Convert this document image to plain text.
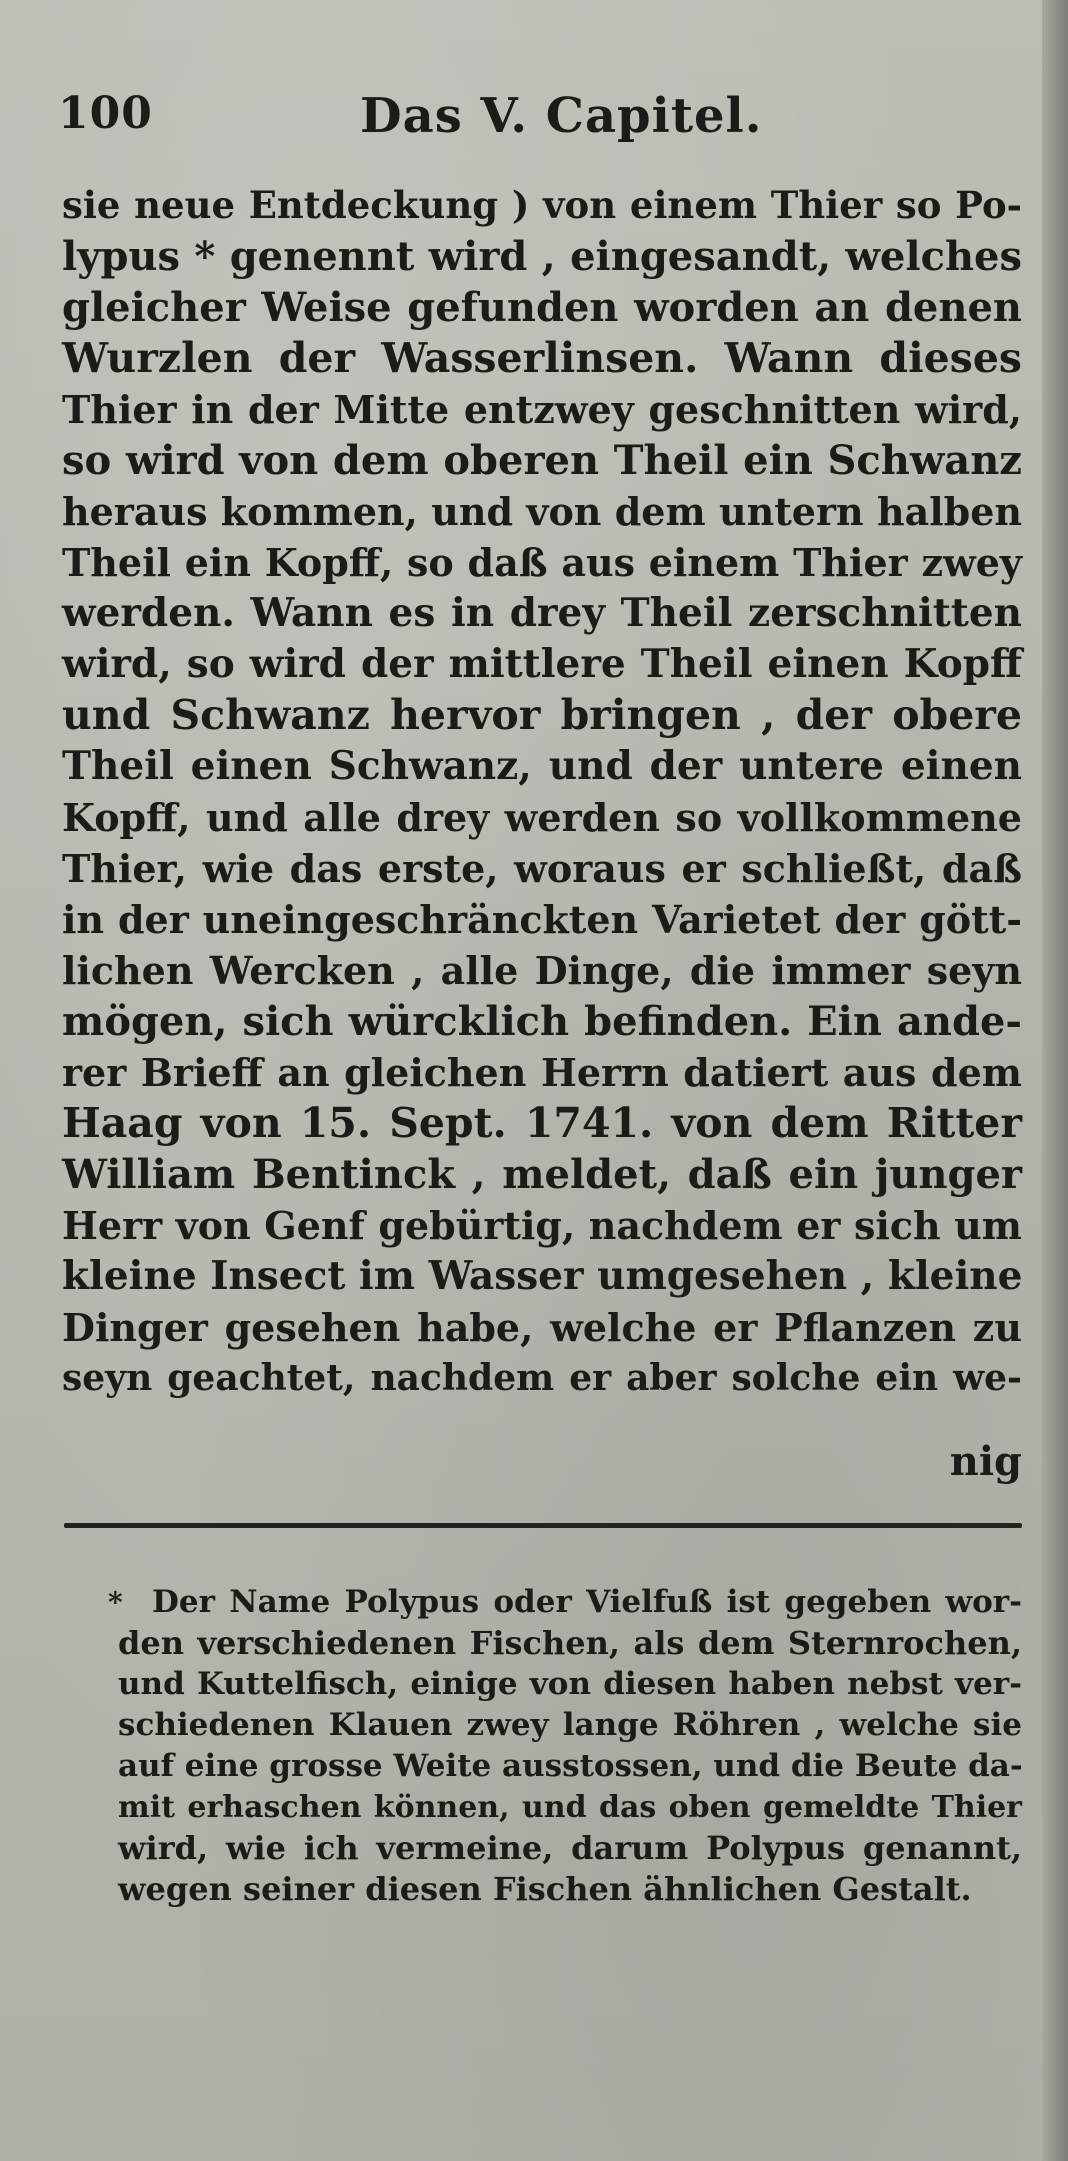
100	Das V. Capitel.
sie neue Entdeckung ) von einem Thier so Po-
lypus * genennt wird , eingesandt, welches
gleicher Weise gefunden worden an denen
Wurzlen der Wasserlinsen. Wann dieses
Thier in der Mitte entzwey geschnitten wird,
so wird von dem oberen Theil ein Schwanz
heraus kommen, und von dem untern halben
Theil ein Kopff, so daß aus einem Thier zwey
werden. Wann es in drey Theil zerschnitten
wird, so wird der mittlere Theil einen Kopff
und Schwanz hervor bringen , der obere
Theil einen Schwanz, und der untere einen
Kopff, und alle drey werden so vollkommene
Thier, wie das erste, woraus er schließt, daß
in der uneingeschränckten Varietet der gött-
lichen Wercken , alle Dinge, die immer seyn
mögen, sich würcklich befinden. Ein ande-
rer Brieff an gleichen Herrn datiert aus dem
Haag von 15. Sept. 1741. von dem Ritter
William Bentinck , meldet, daß ein junger
Herr von Genf gebürtig, nachdem er sich um
kleine Insect im Wasser umgesehen , kleine
Dinger gesehen habe, welche er Pflanzen zu
seyn geachtet, nachdem er aber solche ein we-
nig
* Der Name Polypus oder Vielfuß ist gegeben wor-
den verschiedenen Fischen, als dem Sternrochen,
und Kuttelfisch, einige von diesen haben nebst ver-
schiedenen Klauen zwey lange Röhren , welche sie
auf eine grosse Weite ausstossen, und die Beute da-
mit erhaschen können, und das oben gemeldte Thier
wird, wie ich vermeine, darum Polypus genannt,
wegen seiner diesen Fischen ähnlichen Gestalt.
